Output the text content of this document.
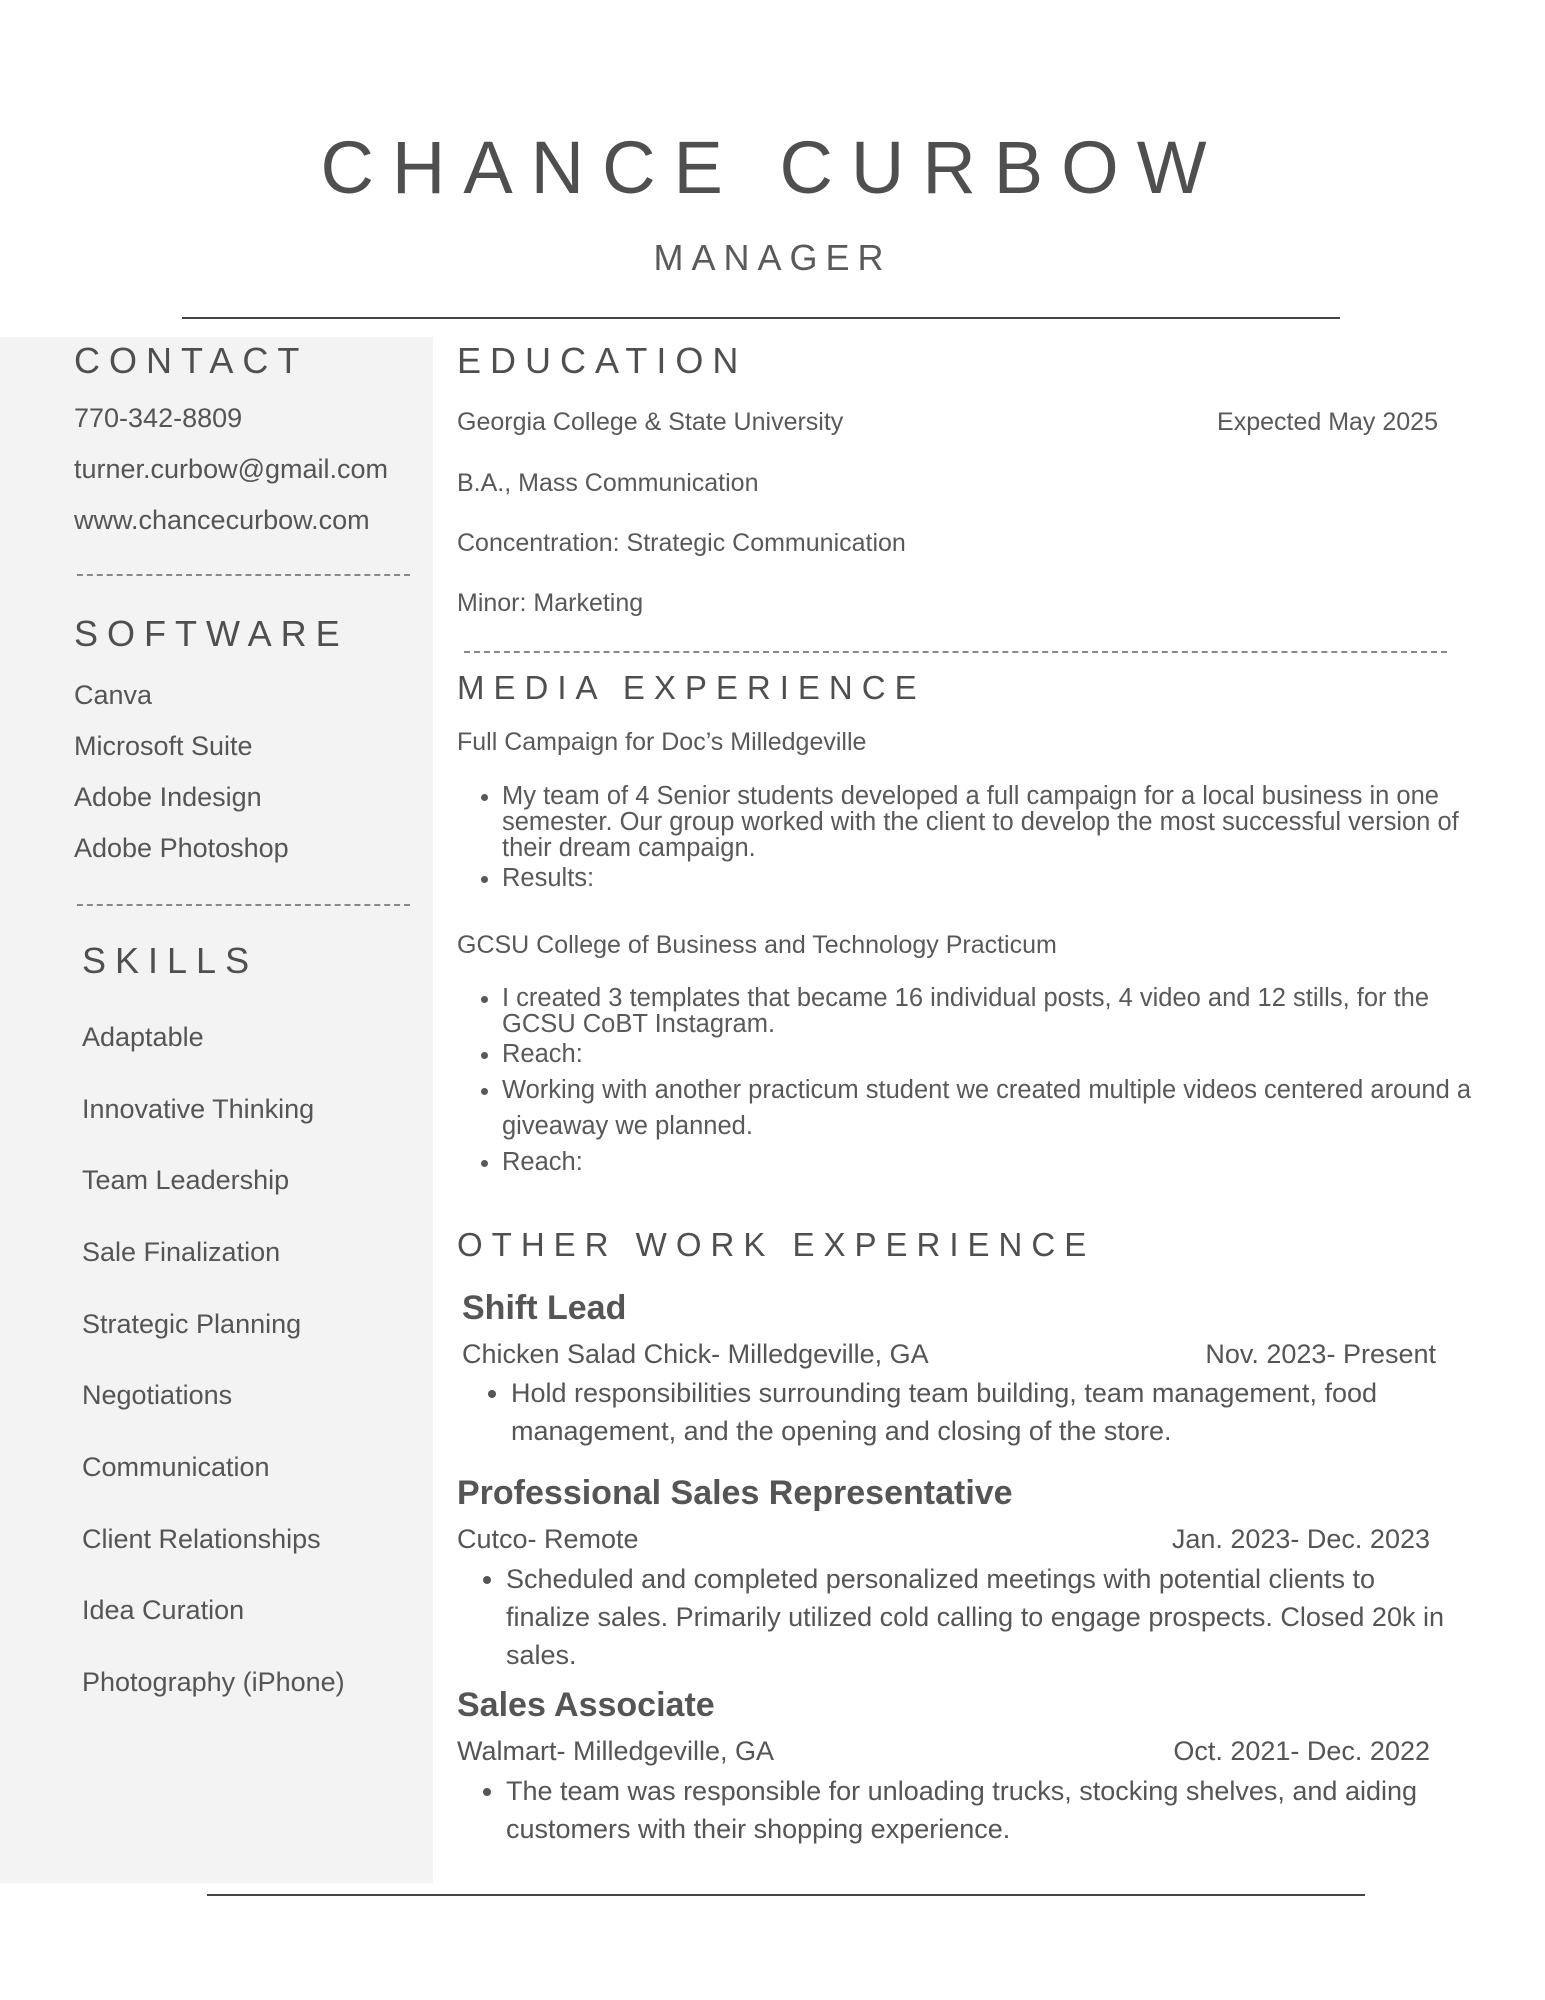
CHANCE CURBOW
MANAGER
CONTACT
770-342-8809
turner.curbow@gmail.com
www.chancecurbow.com
SOFTWARE
Canva
Microsoft Suite
Adobe Indesign
Adobe Photoshop
SKILLS
Adaptable
Innovative Thinking
Team Leadership
Sale Finalization
Strategic Planning
Negotiations
Communication
Client Relationships
Idea Curation
Photography (iPhone)
EDUCATION
Georgia College & State University	Expected May 2025
B.A., Mass Communication
Concentration: Strategic Communication
Minor: Marketing
MEDIA EXPERIENCE
Full Campaign for Doc’s Milledgeville
• My team of 4 Senior students developed a full campaign for a local business in one semester. Our group worked with the client to develop the most successful version of their dream campaign.
• Results:
GCSU College of Business and Technology Practicum
• I created 3 templates that became 16 individual posts, 4 video and 12 stills, for the GCSU CoBT Instagram.
• Reach:
• Working with another practicum student we created multiple videos centered around a giveaway we planned.
• Reach:
OTHER WORK EXPERIENCE
Shift Lead
Chicken Salad Chick- Milledgeville, GA	Nov. 2023- Present
• Hold responsibilities surrounding team building, team management, food management, and the opening and closing of the store.
Professional Sales Representative
Cutco- Remote	Jan. 2023- Dec. 2023
• Scheduled and completed personalized meetings with potential clients to finalize sales. Primarily utilized cold calling to engage prospects. Closed 20k in sales.
Sales Associate
Walmart- Milledgeville, GA	Oct. 2021- Dec. 2022
• The team was responsible for unloading trucks, stocking shelves, and aiding customers with their shopping experience.
